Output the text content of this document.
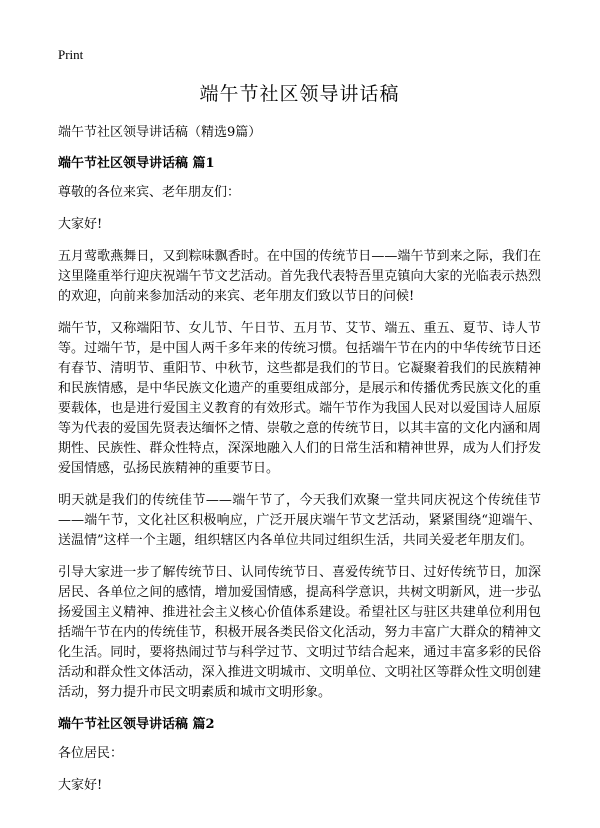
Print
端午节社区领导讲话稿
端午节社区领导讲话稿（精选9篇）
端午节社区领导讲话稿 篇1

尊敬的各位来宾、老年朋友们：

大家好!

五月莺歌燕舞日，又到粽味飘香时。在中国的传统节日——端午节到来之际，我们在这里隆重举行迎庆祝端午节文艺活动。首先我代表特吾里克镇向大家的光临表示热烈的欢迎，向前来参加活动的来宾、老年朋友们致以节日的问候!

端午节，又称端阳节、女儿节、午日节、五月节、艾节、端五、重五、夏节、诗人节等。过端午节，是中国人两千多年来的传统习惯。包括端午节在内的中华传统节日还有春节、清明节、重阳节、中秋节，这些都是我们的节日。它凝聚着我们的民族精神和民族情感，是中华民族文化遗产的重要组成部分，是展示和传播优秀民族文化的重要载体，也是进行爱国主义教育的有效形式。端午节作为我国人民对以爱国诗人屈原等为代表的爱国先贤表达缅怀之情、崇敬之意的传统节日，以其丰富的文化内涵和周期性、民族性、群众性特点，深深地融入人们的日常生活和精神世界，成为人们抒发爱国情感，弘扬民族精神的重要节日。

明天就是我们的传统佳节——端午节了，今天我们欢聚一堂共同庆祝这个传统佳节——端午节，文化社区积极响应，广泛开展庆端午节文艺活动，紧紧围绕“迎端午、送温情”这样一个主题，组织辖区内各单位共同过组织生活，共同关爱老年朋友们。

引导大家进一步了解传统节日、认同传统节日、喜爱传统节日、过好传统节日，加深居民、各单位之间的感情，增加爱国情感，提高科学意识，共树文明新风，进一步弘扬爱国主义精神、推进社会主义核心价值体系建设。希望社区与驻区共建单位利用包括端午节在内的传统佳节，积极开展各类民俗文化活动，努力丰富广大群众的精神文化生活。同时，要将热闹过节与科学过节、文明过节结合起来，通过丰富多彩的民俗活动和群众性文体活动，深入推进文明城市、文明单位、文明社区等群众性文明创建活动，努力提升市民文明素质和城市文明形象。

端午节社区领导讲话稿 篇2

各位居民：

大家好!
